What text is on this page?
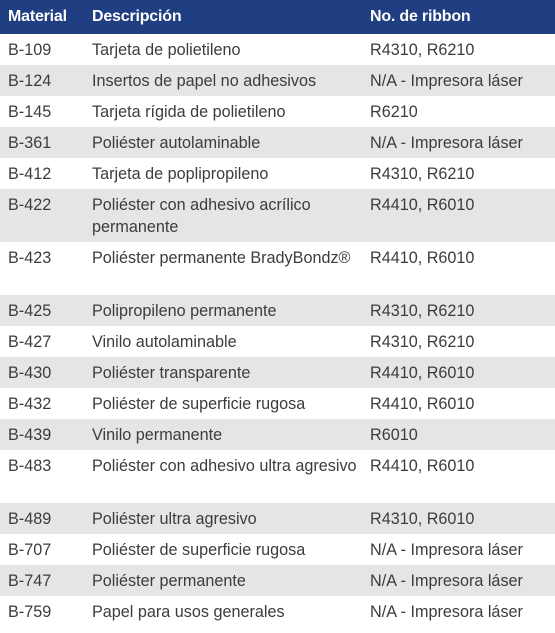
Material	Descripción	No. de ribbon
B-109	Tarjeta de polietileno	R4310, R6210
B-124	Insertos de papel no adhesivos	N/A - Impresora láser
B-145	Tarjeta rígida de polietileno	R6210
B-361	Poliéster autolaminable	N/A - Impresora láser
B-412	Tarjeta de poplipropileno	R4310, R6210
B-422	Poliéster con adhesivo acrílico permanente	R4410, R6010
B-423	Poliéster permanente BradyBondz®	R4410, R6010
B-425	Polipropileno permanente	R4310, R6210
B-427	Vinilo autolaminable	R4310, R6210
B-430	Poliéster transparente	R4410, R6010
B-432	Poliéster de superficie rugosa	R4410, R6010
B-439	Vinilo permanente	R6010
B-483	Poliéster con adhesivo ultra agresivo	R4410, R6010
B-489	Poliéster ultra agresivo	R4310, R6010
B-707	Poliéster de superficie rugosa	N/A - Impresora láser
B-747	Poliéster permanente	N/A - Impresora láser
B-759	Papel para usos generales	N/A - Impresora láser
